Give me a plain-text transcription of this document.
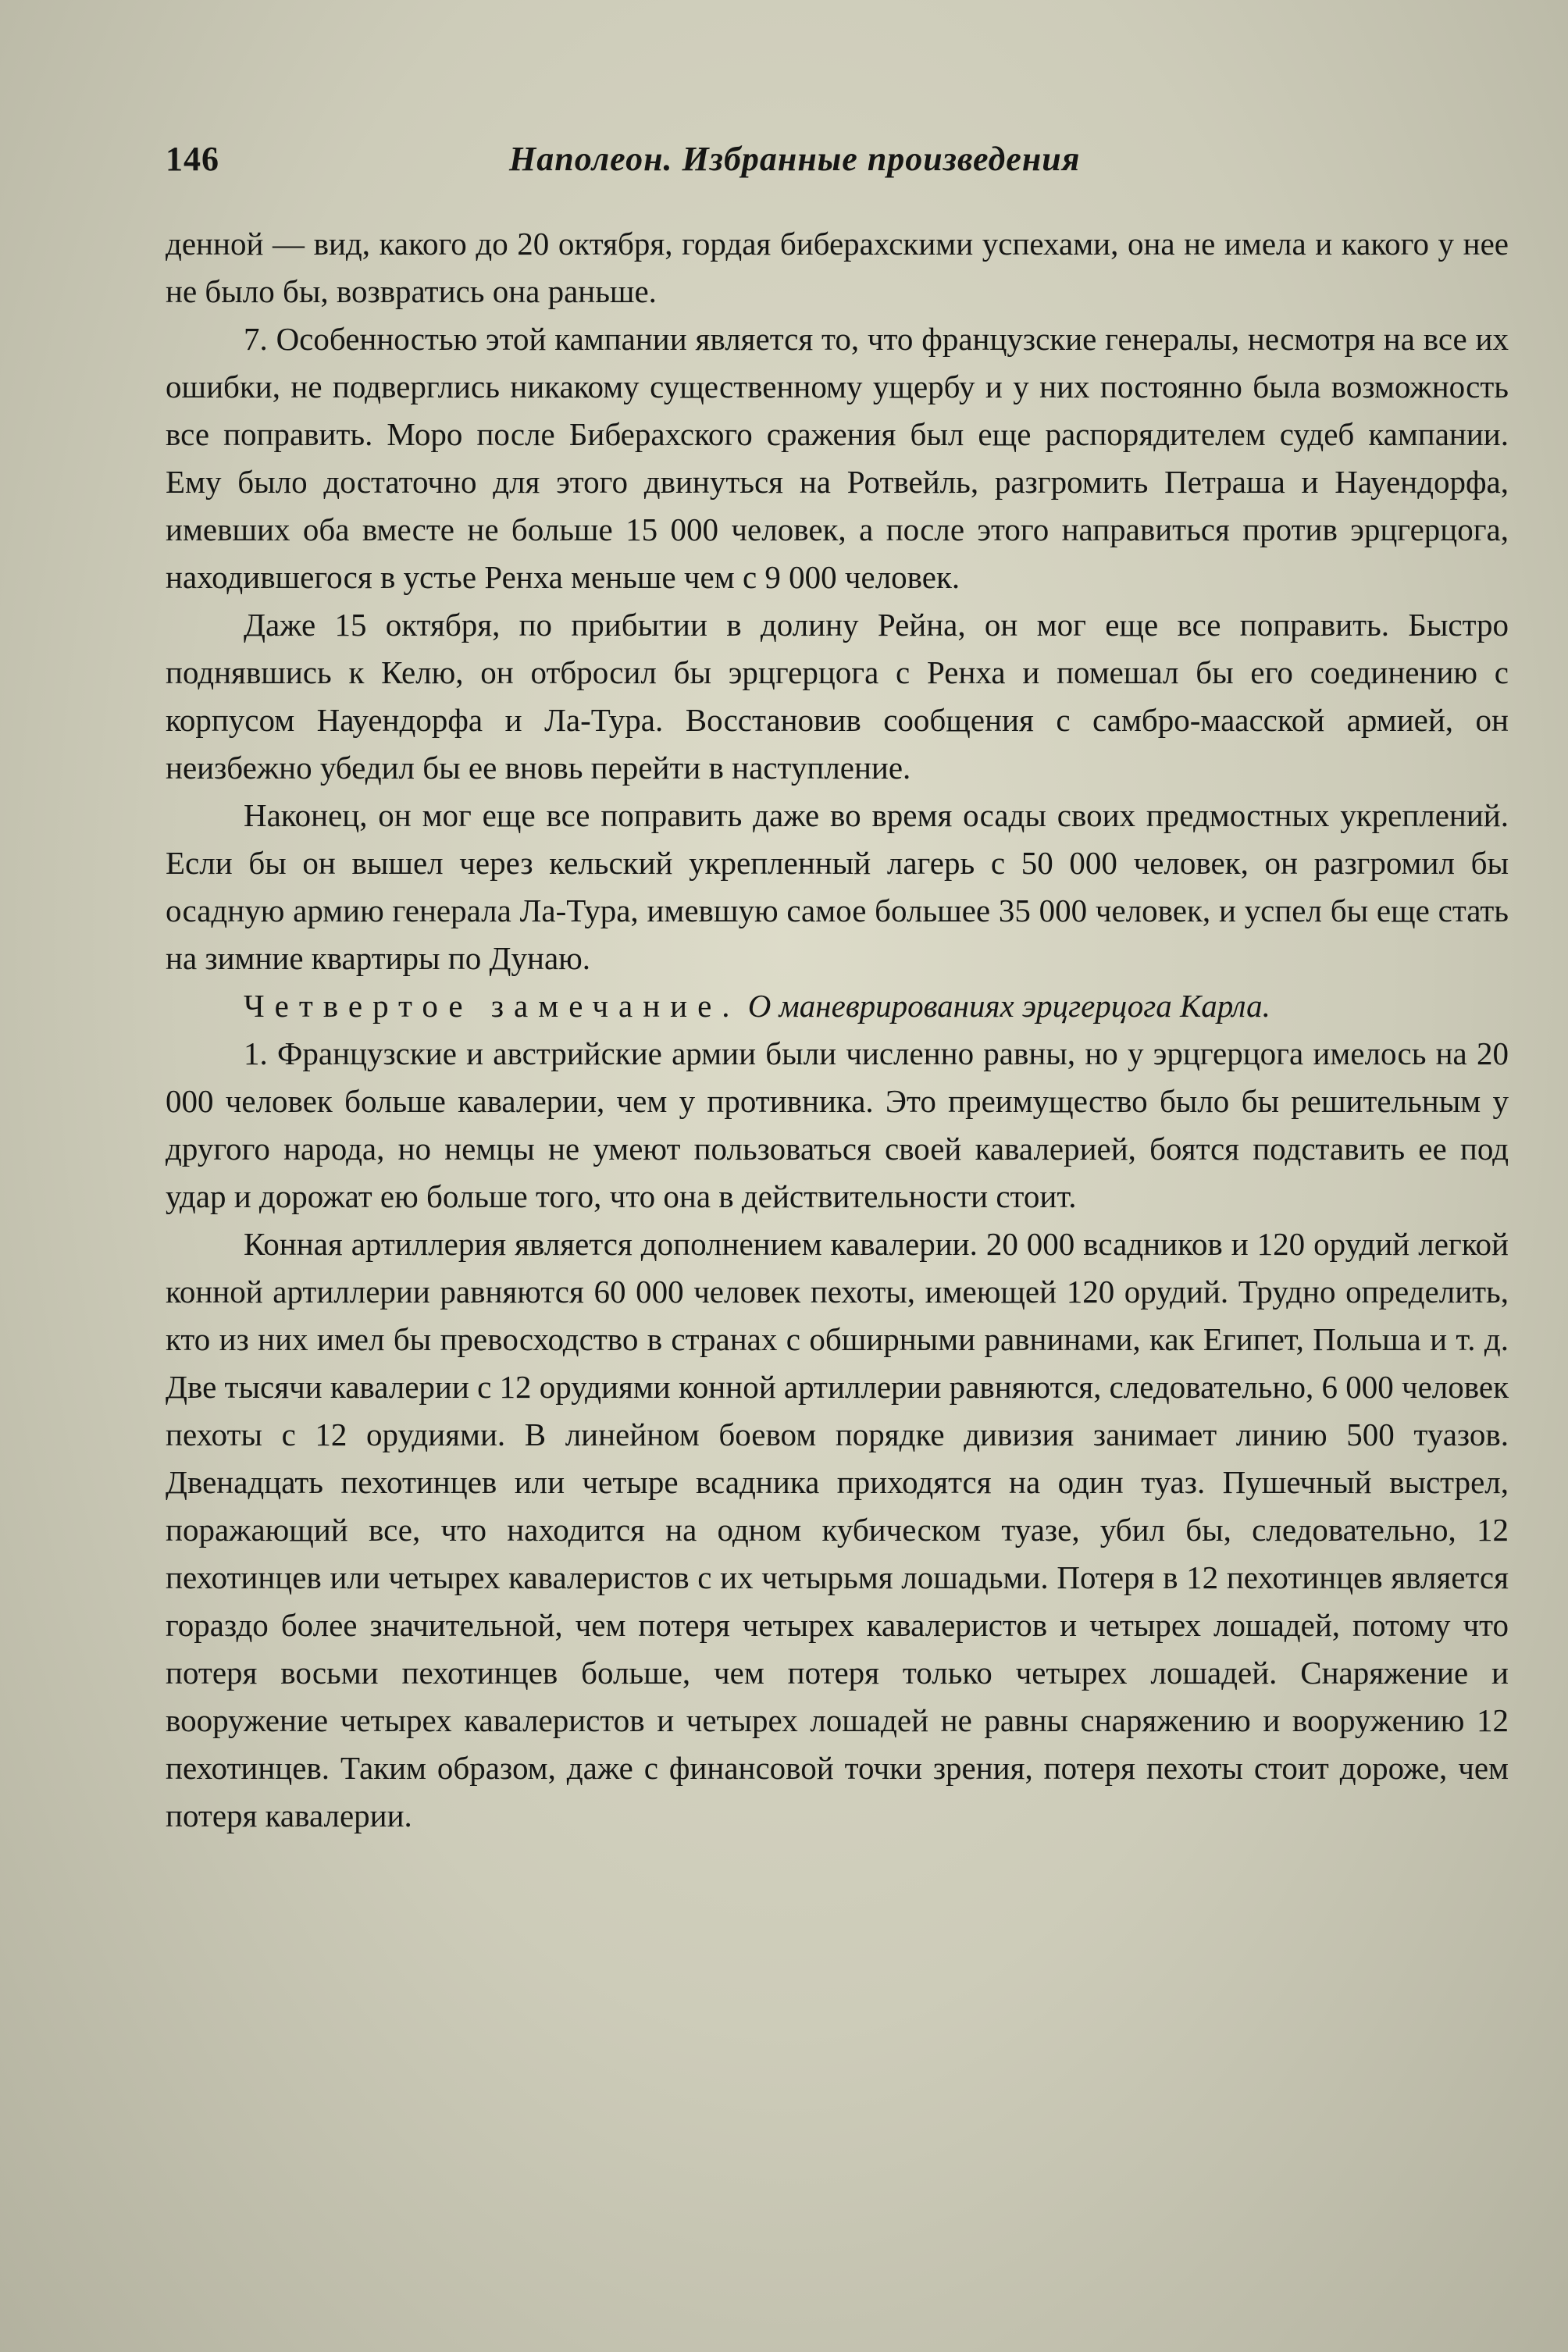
146	Наполеон. Избранные произведения

денной — вид, какого до 20 октября, гордая биберахскими успехами, она не имела и какого у нее не было бы, возвратись она раньше.

7. Особенностью этой кампании является то, что французские генералы, несмотря на все их ошибки, не подверглись никакому существенному ущербу и у них постоянно была возможность все поправить. Моро после Биберахского сражения был еще распорядителем судеб кампании. Ему было достаточно для этого двинуться на Ротвейль, разгромить Петраша и Науендорфа, имевших оба вместе не больше 15 000 человек, а после этого направиться против эрцгерцога, находившегося в устье Ренха меньше чем с 9 000 человек.

Даже 15 октября, по прибытии в долину Рейна, он мог еще все поправить. Быстро поднявшись к Келю, он отбросил бы эрцгерцога с Ренха и помешал бы его соединению с корпусом Науендорфа и Ла-Тура. Восстановив сообщения с самбро-маасской армией, он неизбежно убедил бы ее вновь перейти в наступление.

Наконец, он мог еще все поправить даже во время осады своих предмостных укреплений. Если бы он вышел через кельский укрепленный лагерь с 50 000 человек, он разгромил бы осадную армию генерала Ла-Тура, имевшую самое большее 35 000 человек, и успел бы еще стать на зимние квартиры по Дунаю.

Четвертое замечание. О маневрированиях эрцгерцога Карла.

1. Французские и австрийские армии были численно равны, но у эрцгерцога имелось на 20 000 человек больше кавалерии, чем у противника. Это преимущество было бы решительным у другого народа, но немцы не умеют пользоваться своей кавалерией, боятся подставить ее под удар и дорожат ею больше того, что она в действительности стоит.

Конная артиллерия является дополнением кавалерии. 20 000 всадников и 120 орудий легкой конной артиллерии равняются 60 000 человек пехоты, имеющей 120 орудий. Трудно определить, кто из них имел бы превосходство в странах с обширными равнинами, как Египет, Польша и т. д. Две тысячи кавалерии с 12 орудиями конной артиллерии равняются, следовательно, 6 000 человек пехоты с 12 орудиями. В линейном боевом порядке дивизия занимает линию 500 туазов. Двенадцать пехотинцев или четыре всадника приходятся на один туаз. Пушечный выстрел, поражающий все, что находится на одном кубическом туазе, убил бы, следовательно, 12 пехотинцев или четырех кавалеристов с их четырьмя лошадьми. Потеря в 12 пехотинцев является гораздо более значительной, чем потеря четырех кавалеристов и четырех лошадей, потому что потеря восьми пехотинцев больше, чем потеря только четырех лошадей. Снаряжение и вооружение четырех кавалеристов и четырех лошадей не равны снаряжению и вооружению 12 пехотинцев. Таким образом, даже с финансовой точки зрения, потеря пехоты стоит дороже, чем потеря кавалерии.
